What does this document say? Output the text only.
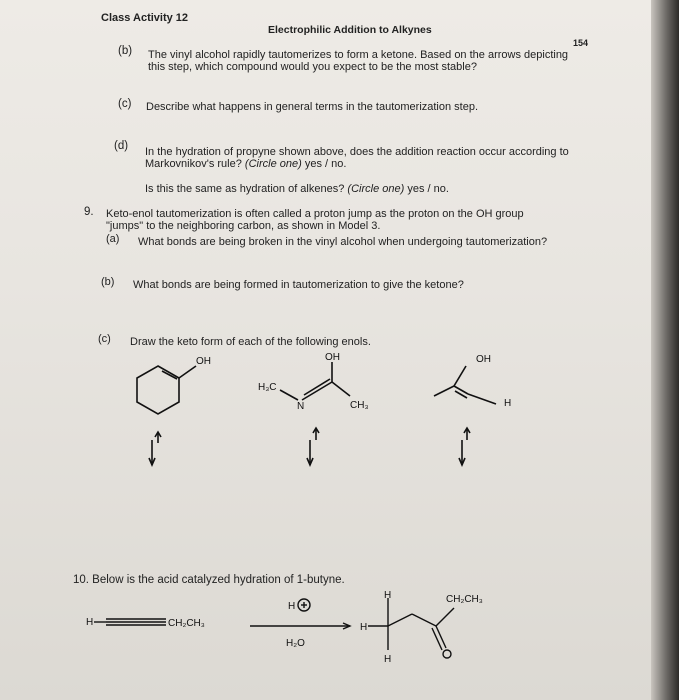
Class Activity 12
Electrophilic Addition to Alkynes
154
(b) The vinyl alcohol rapidly tautomerizes to form a ketone. Based on the arrows depicting
this step, which compound would you expect to be the most stable?
(c) Describe what happens in general terms in the tautomerization step.
(d) In the hydration of propyne shown above, does the addition reaction occur according to
Markovnikov's rule? (Circle one) yes / no.
Is this the same as hydration of alkenes? (Circle one) yes / no.
9. Keto-enol tautomerization is often called a proton jump as the proton on the OH group
"jumps" to the neighboring carbon, as shown in Model 3.
(a) What bonds are being broken in the vinyl alcohol when undergoing tautomerization?
(b) What bonds are being formed in tautomerization to give the ketone?
(c) Draw the keto form of each of the following enols.
OH	OH
H₃C
N	CH₃
OH
H
10. Below is the acid catalyzed hydration of 1-butyne.
H	CH₂CH₃
H
H₂O
H
H
H
CH₂CH₃
